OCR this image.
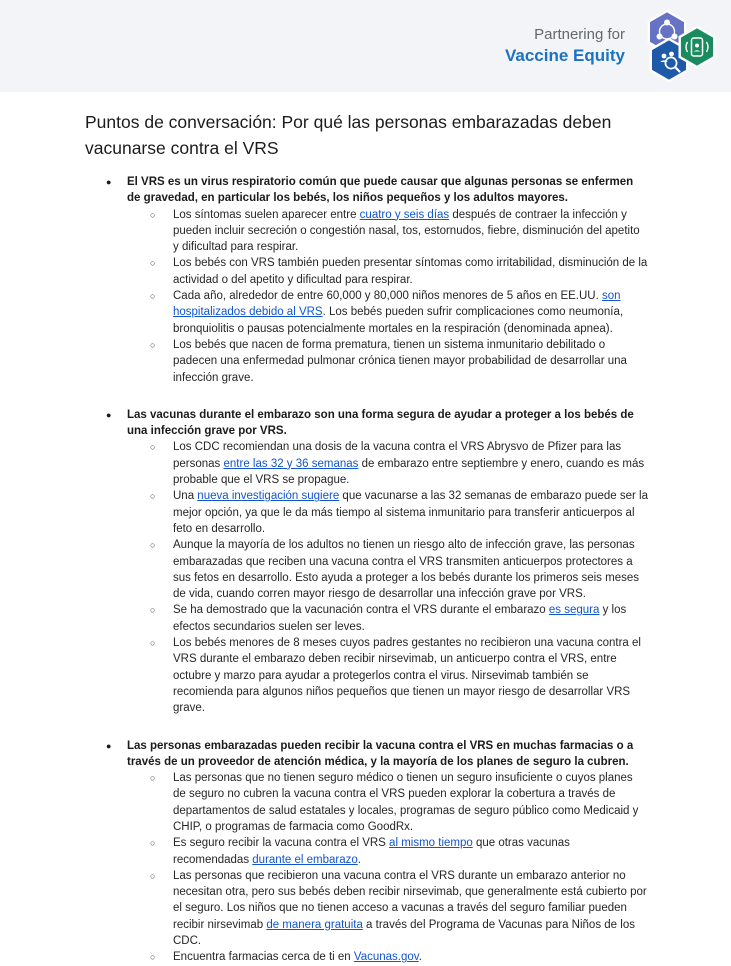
Partnering for
Vaccine Equity
Puntos de conversación: Por qué las personas embarazadas deben vacunarse contra el VRS
●	El VRS es un virus respiratorio común que puede causar que algunas personas se enfermen de gravedad, en particular los bebés, los niños pequeños y los adultos mayores.
○	Los síntomas suelen aparecer entre cuatro y seis días después de contraer la infección y pueden incluir secreción o congestión nasal, tos, estornudos, fiebre, disminución del apetito y dificultad para respirar.
○	Los bebés con VRS también pueden presentar síntomas como irritabilidad, disminución de la actividad o del apetito y dificultad para respirar.
○	Cada año, alrededor de entre 60,000 y 80,000 niños menores de 5 años en EE.UU. son hospitalizados debido al VRS. Los bebés pueden sufrir complicaciones como neumonía, bronquiolitis o pausas potencialmente mortales en la respiración (denominada apnea).
○	Los bebés que nacen de forma prematura, tienen un sistema inmunitario debilitado o padecen una enfermedad pulmonar crónica tienen mayor probabilidad de desarrollar una infección grave.
●	Las vacunas durante el embarazo son una forma segura de ayudar a proteger a los bebés de una infección grave por VRS.
○	Los CDC recomiendan una dosis de la vacuna contra el VRS Abrysvo de Pfizer para las personas entre las 32 y 36 semanas de embarazo entre septiembre y enero, cuando es más probable que el VRS se propague.
○	Una nueva investigación sugiere que vacunarse a las 32 semanas de embarazo puede ser la mejor opción, ya que le da más tiempo al sistema inmunitario para transferir anticuerpos al feto en desarrollo.
○	Aunque la mayoría de los adultos no tienen un riesgo alto de infección grave, las personas embarazadas que reciben una vacuna contra el VRS transmiten anticuerpos protectores a sus fetos en desarrollo. Esto ayuda a proteger a los bebés durante los primeros seis meses de vida, cuando corren mayor riesgo de desarrollar una infección grave por VRS.
○	Se ha demostrado que la vacunación contra el VRS durante el embarazo es segura y los efectos secundarios suelen ser leves.
○	Los bebés menores de 8 meses cuyos padres gestantes no recibieron una vacuna contra el VRS durante el embarazo deben recibir nirsevimab, un anticuerpo contra el VRS, entre octubre y marzo para ayudar a protegerlos contra el virus. Nirsevimab también se recomienda para algunos niños pequeños que tienen un mayor riesgo de desarrollar VRS grave.
●	Las personas embarazadas pueden recibir la vacuna contra el VRS en muchas farmacias o a través de un proveedor de atención médica, y la mayoría de los planes de seguro la cubren.
○	Las personas que no tienen seguro médico o tienen un seguro insuficiente o cuyos planes de seguro no cubren la vacuna contra el VRS pueden explorar la cobertura a través de departamentos de salud estatales y locales, programas de seguro público como Medicaid y CHIP, o programas de farmacia como GoodRx.
○	Es seguro recibir la vacuna contra el VRS al mismo tiempo que otras vacunas recomendadas durante el embarazo.
○	Las personas que recibieron una vacuna contra el VRS durante un embarazo anterior no necesitan otra, pero sus bebés deben recibir nirsevimab, que generalmente está cubierto por el seguro. Los niños que no tienen acceso a vacunas a través del seguro familiar pueden recibir nirsevimab de manera gratuita a través del Programa de Vacunas para Niños de los CDC.
○	Encuentra farmacias cerca de ti en Vacunas.gov.
